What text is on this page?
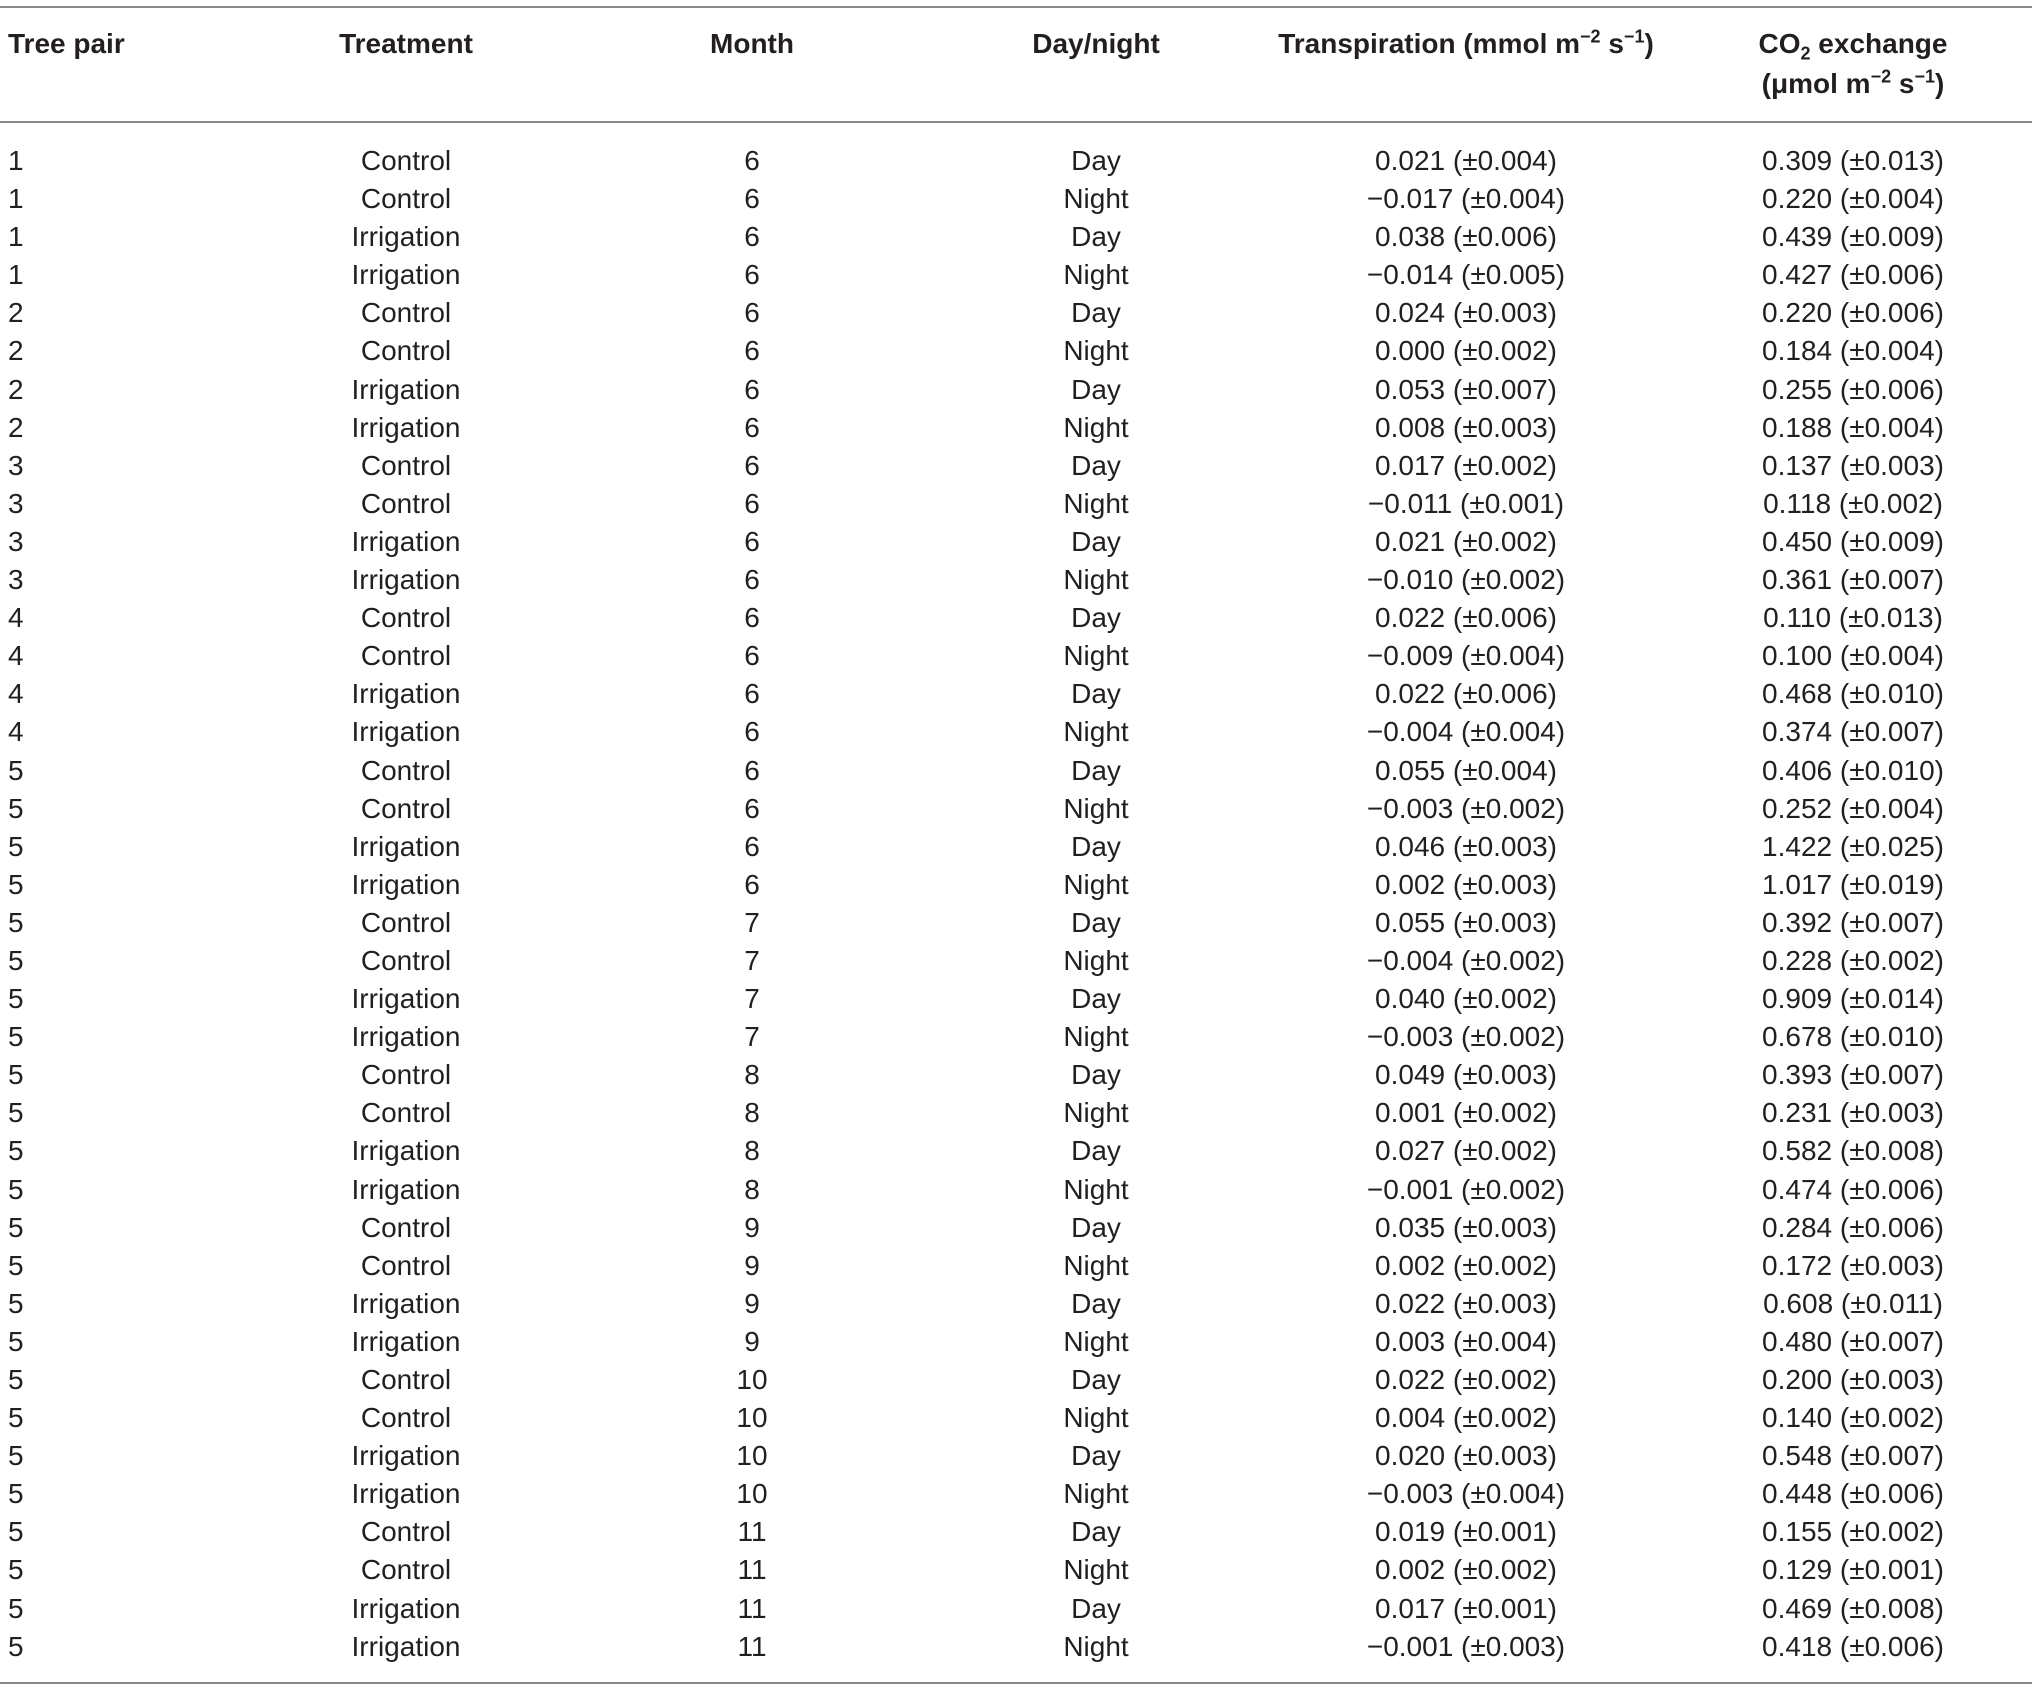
Tree pair	Treatment	Month	Day/night	Transpiration (mmol $m^{-2}$ $s^{-1}$)	$CO_2$ exchange
(μmol $m^{-2}$ $s^{-1}$)
1	Control	6	Day	0.021 (±0.004)	0.309 (±0.013)
1	Control	6	Night	−0.017 (±0.004)	0.220 (±0.004)
1	Irrigation	6	Day	0.038 (±0.006)	0.439 (±0.009)
1	Irrigation	6	Night	−0.014 (±0.005)	0.427 (±0.006)
2	Control	6	Day	0.024 (±0.003)	0.220 (±0.006)
2	Control	6	Night	0.000 (±0.002)	0.184 (±0.004)
2	Irrigation	6	Day	0.053 (±0.007)	0.255 (±0.006)
2	Irrigation	6	Night	0.008 (±0.003)	0.188 (±0.004)
3	Control	6	Day	0.017 (±0.002)	0.137 (±0.003)
3	Control	6	Night	−0.011 (±0.001)	0.118 (±0.002)
3	Irrigation	6	Day	0.021 (±0.002)	0.450 (±0.009)
3	Irrigation	6	Night	−0.010 (±0.002)	0.361 (±0.007)
4	Control	6	Day	0.022 (±0.006)	0.110 (±0.013)
4	Control	6	Night	−0.009 (±0.004)	0.100 (±0.004)
4	Irrigation	6	Day	0.022 (±0.006)	0.468 (±0.010)
4	Irrigation	6	Night	−0.004 (±0.004)	0.374 (±0.007)
5	Control	6	Day	0.055 (±0.004)	0.406 (±0.010)
5	Control	6	Night	−0.003 (±0.002)	0.252 (±0.004)
5	Irrigation	6	Day	0.046 (±0.003)	1.422 (±0.025)
5	Irrigation	6	Night	0.002 (±0.003)	1.017 (±0.019)
5	Control	7	Day	0.055 (±0.003)	0.392 (±0.007)
5	Control	7	Night	−0.004 (±0.002)	0.228 (±0.002)
5	Irrigation	7	Day	0.040 (±0.002)	0.909 (±0.014)
5	Irrigation	7	Night	−0.003 (±0.002)	0.678 (±0.010)
5	Control	8	Day	0.049 (±0.003)	0.393 (±0.007)
5	Control	8	Night	0.001 (±0.002)	0.231 (±0.003)
5	Irrigation	8	Day	0.027 (±0.002)	0.582 (±0.008)
5	Irrigation	8	Night	−0.001 (±0.002)	0.474 (±0.006)
5	Control	9	Day	0.035 (±0.003)	0.284 (±0.006)
5	Control	9	Night	0.002 (±0.002)	0.172 (±0.003)
5	Irrigation	9	Day	0.022 (±0.003)	0.608 (±0.011)
5	Irrigation	9	Night	0.003 (±0.004)	0.480 (±0.007)
5	Control	10	Day	0.022 (±0.002)	0.200 (±0.003)
5	Control	10	Night	0.004 (±0.002)	0.140 (±0.002)
5	Irrigation	10	Day	0.020 (±0.003)	0.548 (±0.007)
5	Irrigation	10	Night	−0.003 (±0.004)	0.448 (±0.006)
5	Control	11	Day	0.019 (±0.001)	0.155 (±0.002)
5	Control	11	Night	0.002 (±0.002)	0.129 (±0.001)
5	Irrigation	11	Day	0.017 (±0.001)	0.469 (±0.008)
5	Irrigation	11	Night	−0.001 (±0.003)	0.418 (±0.006)
